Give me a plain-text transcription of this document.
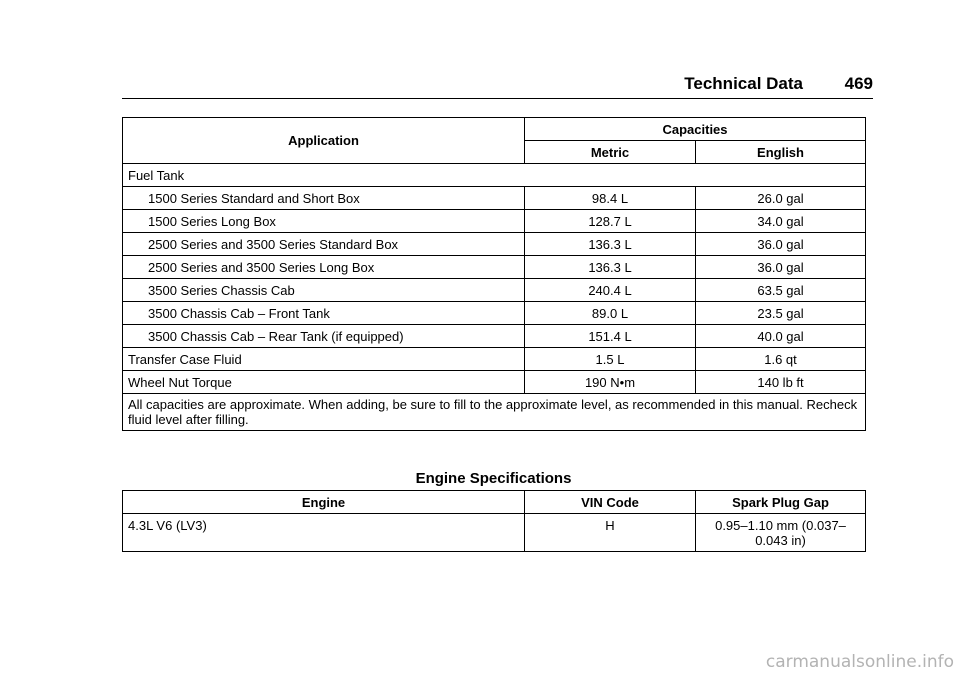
Technical Data 469
Application	Capacities	
	Metric	English
Fuel Tank		
1500 Series Standard and Short Box	98.4 L	26.0 gal
1500 Series Long Box	128.7 L	34.0 gal
2500 Series and 3500 Series Standard Box	136.3 L	36.0 gal
2500 Series and 3500 Series Long Box	136.3 L	36.0 gal
3500 Series Chassis Cab	240.4 L	63.5 gal
3500 Chassis Cab – Front Tank	89.0 L	23.5 gal
3500 Chassis Cab – Rear Tank (if equipped)	151.4 L	40.0 gal
Transfer Case Fluid	1.5 L	1.6 qt
Wheel Nut Torque	190 N•m	140 lb ft
All capacities are approximate. When adding, be sure to fill to the approximate level, as recommended in this manual. Recheck fluid level after filling.		
Engine Specifications
Engine	VIN Code	Spark Plug Gap
4.3L V6 (LV3)	H	0.95–1.10 mm (0.037–0.043 in)
carmanualsonline.info
